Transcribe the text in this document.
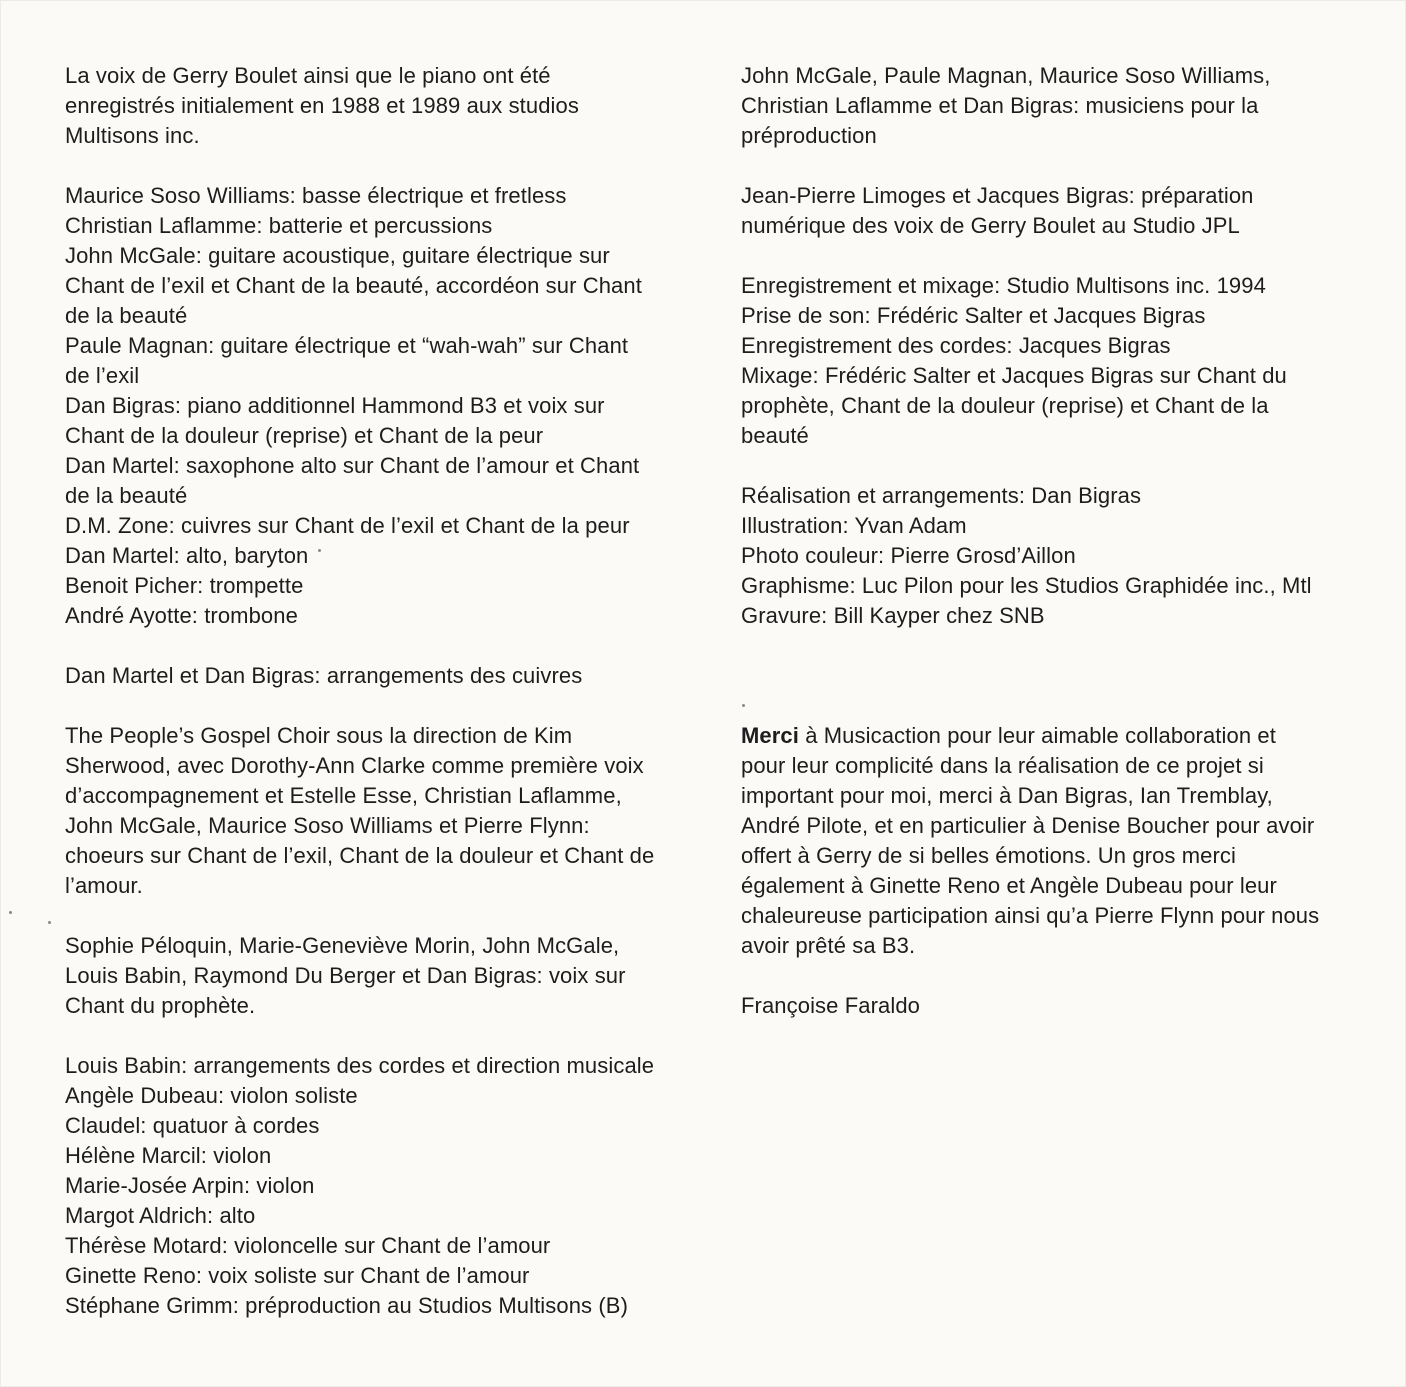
La voix de Gerry Boulet ainsi que le piano ont été
enregistrés initialement en 1988 et 1989 aux studios
Multisons inc.
Maurice Soso Williams: basse électrique et fretless
Christian Laflamme: batterie et percussions
John McGale: guitare acoustique, guitare électrique sur
Chant de l’exil et Chant de la beauté, accordéon sur Chant
de la beauté
Paule Magnan: guitare électrique et “wah-wah” sur Chant
de l’exil
Dan Bigras: piano additionnel Hammond B3 et voix sur
Chant de la douleur (reprise) et Chant de la peur
Dan Martel: saxophone alto sur Chant de l’amour et Chant
de la beauté
D.M. Zone: cuivres sur Chant de l’exil et Chant de la peur
Dan Martel: alto, baryton
Benoit Picher: trompette
André Ayotte: trombone
Dan Martel et Dan Bigras: arrangements des cuivres
The People’s Gospel Choir sous la direction de Kim
Sherwood, avec Dorothy-Ann Clarke comme première voix
d’accompagnement et Estelle Esse, Christian Laflamme,
John McGale, Maurice Soso Williams et Pierre Flynn:
choeurs sur Chant de l’exil, Chant de la douleur et Chant de
l’amour.
Sophie Péloquin, Marie-Geneviève Morin, John McGale,
Louis Babin, Raymond Du Berger et Dan Bigras: voix sur
Chant du prophète.
Louis Babin: arrangements des cordes et direction musicale
Angèle Dubeau: violon soliste
Claudel: quatuor à cordes
Hélène Marcil: violon
Marie-Josée Arpin: violon
Margot Aldrich: alto
Thérèse Motard: violoncelle sur Chant de l’amour
Ginette Reno: voix soliste sur Chant de l’amour
Stéphane Grimm: préproduction au Studios Multisons (B)
John McGale, Paule Magnan, Maurice Soso Williams,
Christian Laflamme et Dan Bigras: musiciens pour la
préproduction
Jean-Pierre Limoges et Jacques Bigras: préparation
numérique des voix de Gerry Boulet au Studio JPL
Enregistrement et mixage: Studio Multisons inc. 1994
Prise de son: Frédéric Salter et Jacques Bigras
Enregistrement des cordes: Jacques Bigras
Mixage: Frédéric Salter et Jacques Bigras sur Chant du
prophète, Chant de la douleur (reprise) et Chant de la
beauté
Réalisation et arrangements: Dan Bigras
Illustration: Yvan Adam
Photo couleur: Pierre Grosd’Aillon
Graphisme: Luc Pilon pour les Studios Graphidée inc., Mtl
Gravure: Bill Kayper chez SNB
Merci à Musicaction pour leur aimable collaboration et
pour leur complicité dans la réalisation de ce projet si
important pour moi, merci à Dan Bigras, Ian Tremblay,
André Pilote, et en particulier à Denise Boucher pour avoir
offert à Gerry de si belles émotions. Un gros merci
également à Ginette Reno et Angèle Dubeau pour leur
chaleureuse participation ainsi qu’a Pierre Flynn pour nous
avoir prêté sa B3.
Françoise Faraldo
